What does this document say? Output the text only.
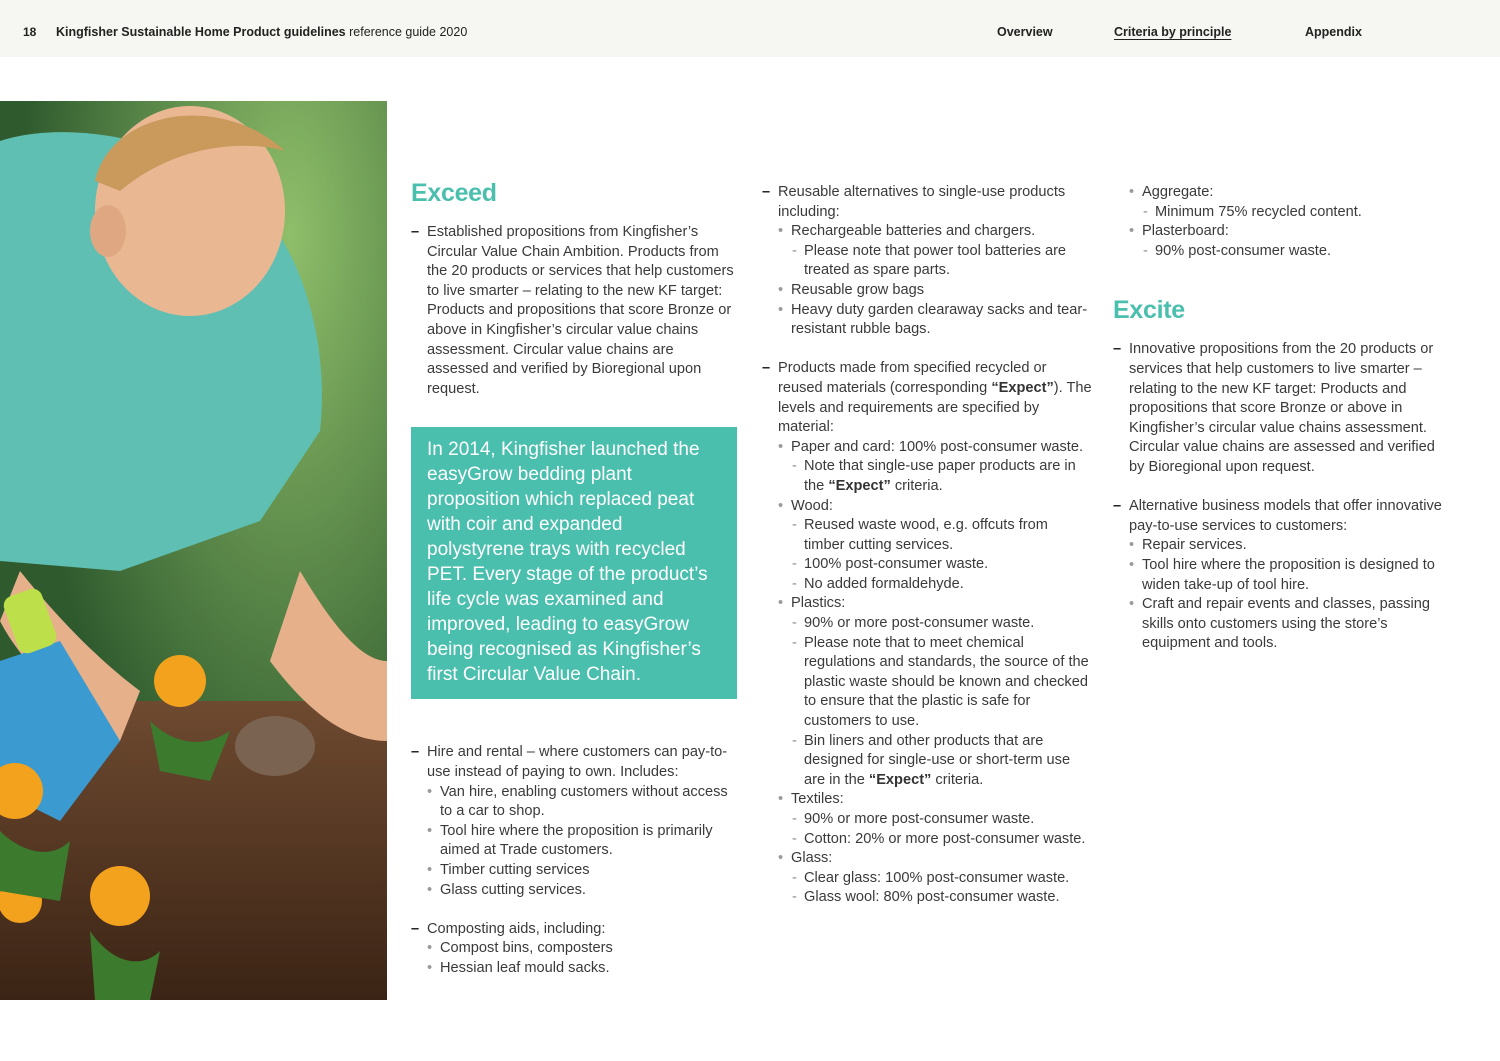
18 Kingfisher Sustainable Home Product guidelines reference guide 2020	Overview	Criteria by principle	Appendix
Exceed
– Established propositions from Kingfisher’s Circular Value Chain Ambition. Products from the 20 products or services that help customers to live smarter – relating to the new KF target: Products and propositions that score Bronze or above in Kingfisher’s circular value chains assessment. Circular value chains are assessed and verified by Bioregional upon request.
In 2014, Kingfisher launched the easyGrow bedding plant proposition which replaced peat with coir and expanded polystyrene trays with recycled PET. Every stage of the product’s life cycle was examined and improved, leading to easyGrow being recognised as Kingfisher’s first Circular Value Chain.
– Hire and rental – where customers can pay-to-use instead of paying to own. Includes:
• Van hire, enabling customers without access to a car to shop.
• Tool hire where the proposition is primarily aimed at Trade customers.
• Timber cutting services
• Glass cutting services.
– Composting aids, including:
• Compost bins, composters
• Hessian leaf mould sacks.
– Reusable alternatives to single-use products including:
• Rechargeable batteries and chargers.
- Please note that power tool batteries are treated as spare parts.
• Reusable grow bags
• Heavy duty garden clearaway sacks and tear-resistant rubble bags.
– Products made from specified recycled or reused materials (corresponding “Expect”). The levels and requirements are specified by material:
• Paper and card: 100% post-consumer waste.
- Note that single-use paper products are in the “Expect” criteria.
• Wood:
- Reused waste wood, e.g. offcuts from timber cutting services.
- 100% post-consumer waste.
- No added formaldehyde.
• Plastics:
- 90% or more post-consumer waste.
- Please note that to meet chemical regulations and standards, the source of the plastic waste should be known and checked to ensure that the plastic is safe for customers to use.
- Bin liners and other products that are designed for single-use or short-term use are in the “Expect” criteria.
• Textiles:
- 90% or more post-consumer waste.
- Cotton: 20% or more post-consumer waste.
• Glass:
- Clear glass: 100% post-consumer waste.
- Glass wool: 80% post-consumer waste.
• Aggregate:
- Minimum 75% recycled content.
• Plasterboard:
- 90% post-consumer waste.
Excite
– Innovative propositions from the 20 products or services that help customers to live smarter – relating to the new KF target: Products and propositions that score Bronze or above in Kingfisher’s circular value chains assessment. Circular value chains are assessed and verified by Bioregional upon request.
– Alternative business models that offer innovative pay-to-use services to customers:
• Repair services.
• Tool hire where the proposition is designed to widen take-up of tool hire.
• Craft and repair events and classes, passing skills onto customers using the store’s equipment and tools.
